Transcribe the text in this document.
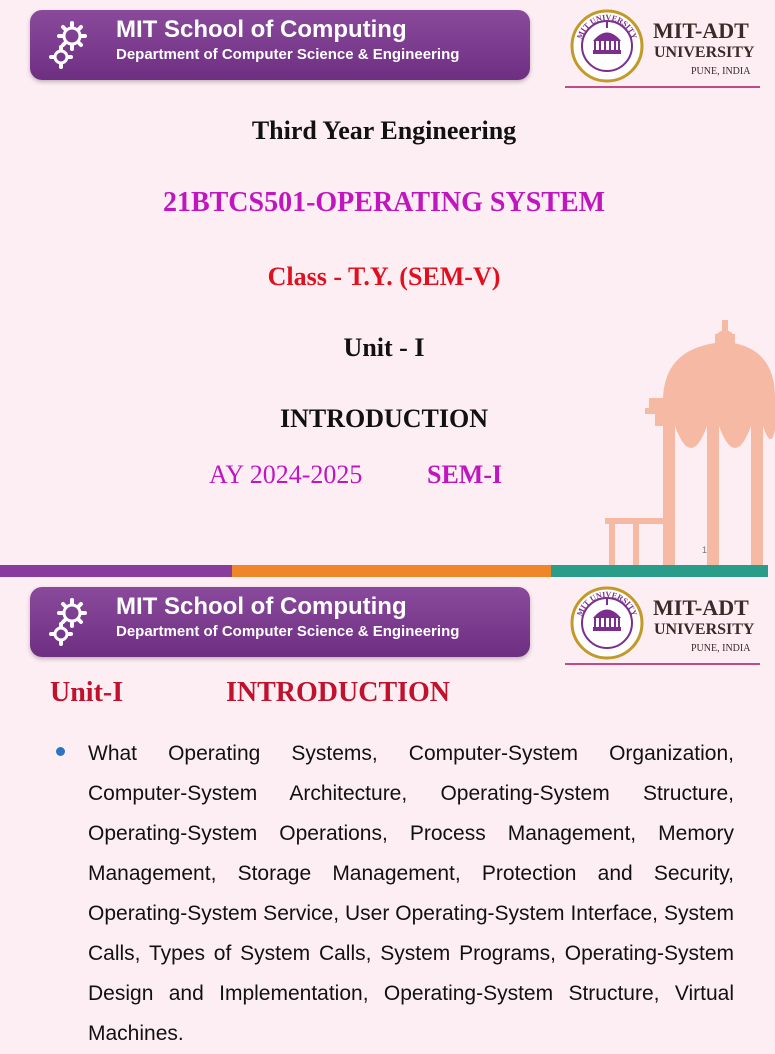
MIT School of Computing
Department of Computer Science & Engineering
MIT UNIVERSITY MIT-ADT
UNIVERSITY
PUNE, INDIA
Third Year Engineering
21BTCS501-OPERATING SYSTEM
Class - T.Y. (SEM-V)
Unit - I
INTRODUCTION
AY 2024-2025 SEM-I
1
MIT School of Computing
Department of Computer Science & Engineering
MIT UNIVERSITY MIT-ADT
UNIVERSITY
PUNE, INDIA
Unit-I	INTRODUCTION
What Operating Systems, Computer-System Organization, Computer-System Architecture, Operating-System Structure, Operating-System Operations, Process Management, Memory Management, Storage Management, Protection and Security, Operating-System Service, User Operating-System Interface, System Calls, Types of System Calls, System Programs, Operating-System Design and Implementation, Operating-System Structure, Virtual Machines.
